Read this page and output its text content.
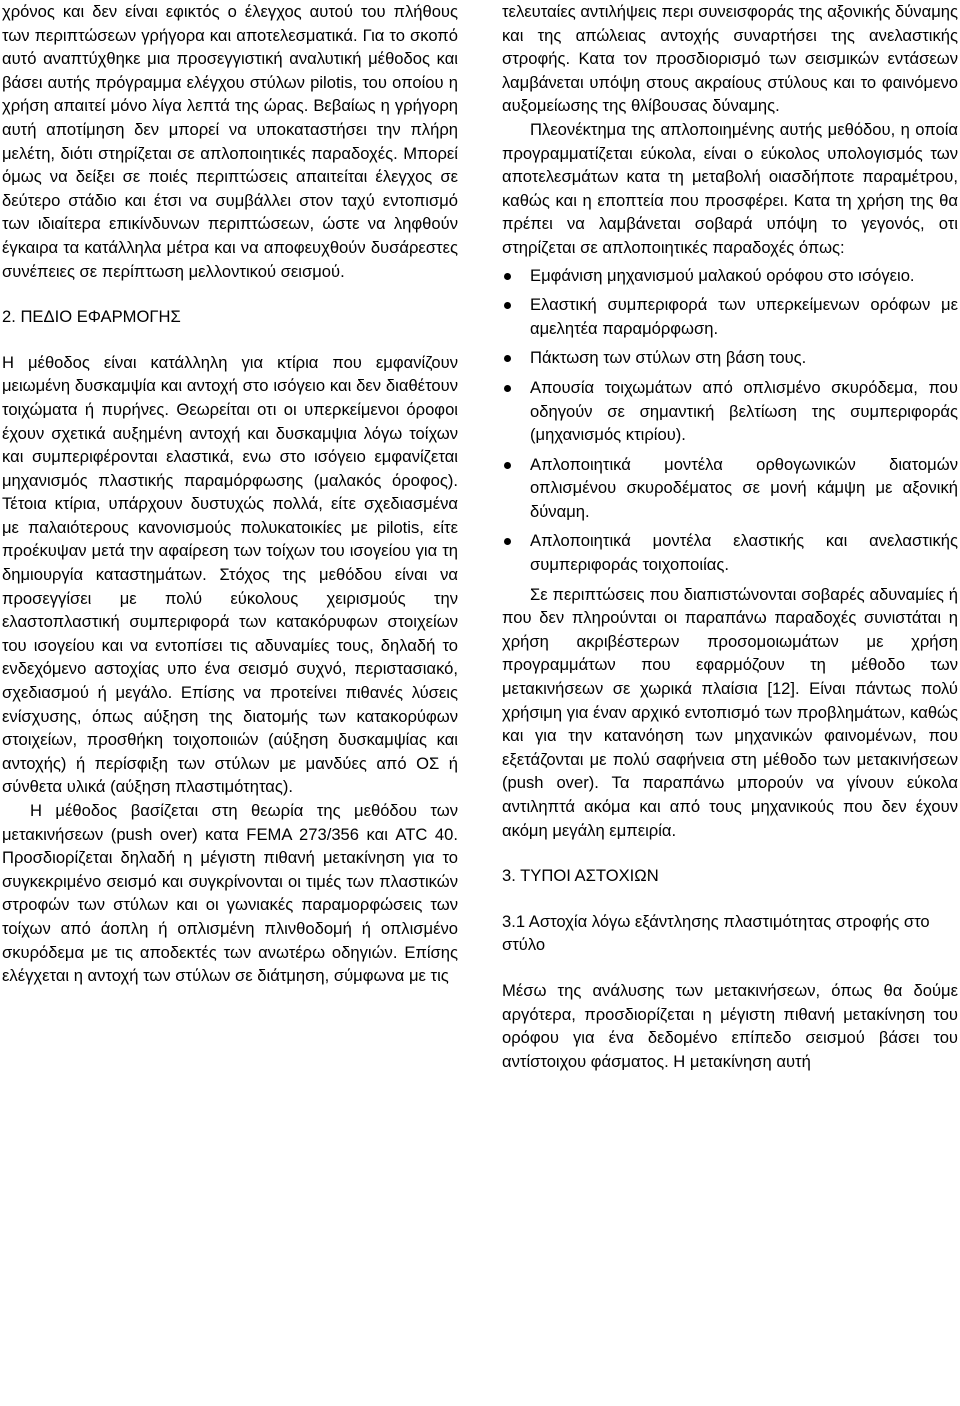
χρόνος και δεν είναι εφικτός ο έλεγχος αυτού του πλήθους των περιπτώσεων γρήγορα και αποτελεσματικά. Για το σκοπό αυτό αναπτύχθηκε μια προσεγγιστική αναλυτική μέθοδος και βάσει αυτής πρόγραμμα ελέγχου στύλων pilotis, του οποίου η χρήση απαιτεί μόνο λίγα λεπτά της ώρας. Βεβαίως η γρήγορη αυτή αποτίμηση δεν μπορεί να υποκαταστήσει την πλήρη μελέτη, διότι στηρίζεται σε απλοποιητικές παραδοχές. Μπορεί όμως να δείξει σε ποιές περιπτώσεις απαιτείται έλεγχος σε δεύτερο στάδιο και έτσι να συμβάλλει στον ταχύ εντοπισμό των ιδιαίτερα επικίνδυνων περιπτώσεων, ώστε να ληφθούν έγκαιρα τα κατάλληλα μέτρα και να αποφευχθούν δυσάρεστες συνέπειες σε περίπτωση μελλοντικού σεισμού.

2. ΠΕΔΙΟ ΕΦΑΡΜΟΓΗΣ

Η μέθοδος είναι κατάλληλη για κτίρια που εμφανίζουν μειωμένη δυσκαμψία και αντοχή στο ισόγειο και δεν διαθέτουν τοιχώματα ή πυρήνες. Θεωρείται οτι οι υπερκείμενοι όροφοι έχουν σχετικά αυξημένη αντοχή και δυσκαμψια λόγω τοίχων και συμπεριφέρονται ελαστικά, ενω στο ισόγειο εμφανίζεται μηχανισμός πλαστικής παραμόρφωσης (μαλακός όροφος). Τέτοια κτίρια, υπάρχουν δυστυχώς πολλά, είτε σχεδιασμένα με παλαιότερους κανονισμούς πολυκατοικίες με pilotis, είτε προέκυψαν μετά την αφαίρεση των τοίχων του ισογείου για τη δημιουργία καταστημάτων. Στόχος της μεθόδου είναι να προσεγγίσει με πολύ εύκολους χειρισμούς την ελαστοπλαστική συμπεριφορά των κατακόρυφων στοιχείων του ισογείου και να εντοπίσει τις αδυναμίες τους, δηλαδή το ενδεχόμενο αστοχίας υπο ένα σεισμό συχνό, περιστασιακό, σχεδιασμού ή μεγάλο. Επίσης να προτείνει πιθανές λύσεις ενίσχυσης, όπως αύξηση της διατομής των κατακορύφων στοιχείων, προσθήκη τοιχοποιιών (αύξηση δυσκαμψίας και αντοχής) ή περίσφιξη των στύλων με μανδύες από ΟΣ ή σύνθετα υλικά (αύξηση πλαστιμότητας).

Η μέθοδος βασίζεται στη θεωρία της μεθόδου των μετακινήσεων (push over) κατα FEMA 273/356 και ATC 40. Προσδιορίζεται δηλαδή η μέγιστη πιθανή μετακίνηση για το συγκεκριμένο σεισμό και συγκρίνονται οι τιμές των πλαστικών στροφών των στύλων και οι γωνιακές παραμορφώσεις των τοίχων από άοπλη ή οπλισμένη πλινθοδομή ή οπλισμένο σκυρόδεμα με τις αποδεκτές των ανωτέρω οδηγιών. Επίσης ελέγχεται η αντοχή των στύλων σε διάτμηση, σύμφωνα με τις

τελευταίες αντιλήψεις περι συνεισφοράς της αξονικής δύναμης και της απώλειας αντοχής συναρτήσει της ανελαστικής στροφής. Κατα τον προσδιορισμό των σεισμικών εντάσεων λαμβάνεται υπόψη στους ακραίους στύλους και το φαινόμενο αυξομείωσης της θλίβουσας δύναμης.

Πλεονέκτημα της απλοποιημένης αυτής μεθόδου, η οποία προγραμματίζεται εύκολα, είναι ο εύκολος υπολογισμός των αποτελεσμάτων κατα τη μεταβολή οιασδήποτε παραμέτρου, καθώς και η εποπτεία που προσφέρει. Κατα τη χρήση της θα πρέπει να λαμβάνεται σοβαρά υπόψη το γεγονός, οτι στηρίζεται σε απλοποιητικές παραδοχές όπως:

Εμφάνιση μηχανισμού μαλακού ορόφου στο ισόγειο.
Ελαστική συμπεριφορά των υπερκείμενων ορόφων με αμελητέα παραμόρφωση.
Πάκτωση των στύλων στη βάση τους.
Απουσία τοιχωμάτων από οπλισμένο σκυρόδεμα, που οδηγούν σε σημαντική βελτίωση της συμπεριφοράς (μηχανισμός κτιρίου).
Απλοποιητικά μοντέλα ορθογωνικών διατομών οπλισμένου σκυροδέματος σε μονή κάμψη με αξονική δύναμη.
Απλοποιητικά μοντέλα ελαστικής και ανελαστικής συμπεριφοράς τοιχοποιίας.

Σε περιπτώσεις που διαπιστώνονται σοβαρές αδυναμίες ή που δεν πληρούνται οι παραπάνω παραδοχές συνιστάται η χρήση ακριβέστερων προσομοιωμάτων με χρήση προγραμμάτων που εφαρμόζουν τη μέθοδο των μετακινήσεων σε χωρικά πλαίσια [12]. Είναι πάντως πολύ χρήσιμη για έναν αρχικό εντοπισμό των προβλημάτων, καθώς και για την κατανόηση των μηχανικών φαινομένων, που εξετάζονται με πολύ σαφήνεια στη μέθοδο των μετακινήσεων (push over). Τα παραπάνω μπορούν να γίνουν εύκολα αντιληπτά ακόμα και από τους μηχανικούς που δεν έχουν ακόμη μεγάλη εμπειρία.

3. ΤΥΠΟΙ ΑΣΤΟΧΙΩΝ
3.1 Αστοχία λόγω εξάντλησης πλαστιμότητας στροφής στο στύλο

Μέσω της ανάλυσης των μετακινήσεων, όπως θα δούμε αργότερα, προσδιορίζεται η μέγιστη πιθανή μετακίνηση του ορόφου για ένα δεδομένο επίπεδο σεισμού βάσει του αντίστοιχου φάσματος. Η μετακίνηση αυτή
